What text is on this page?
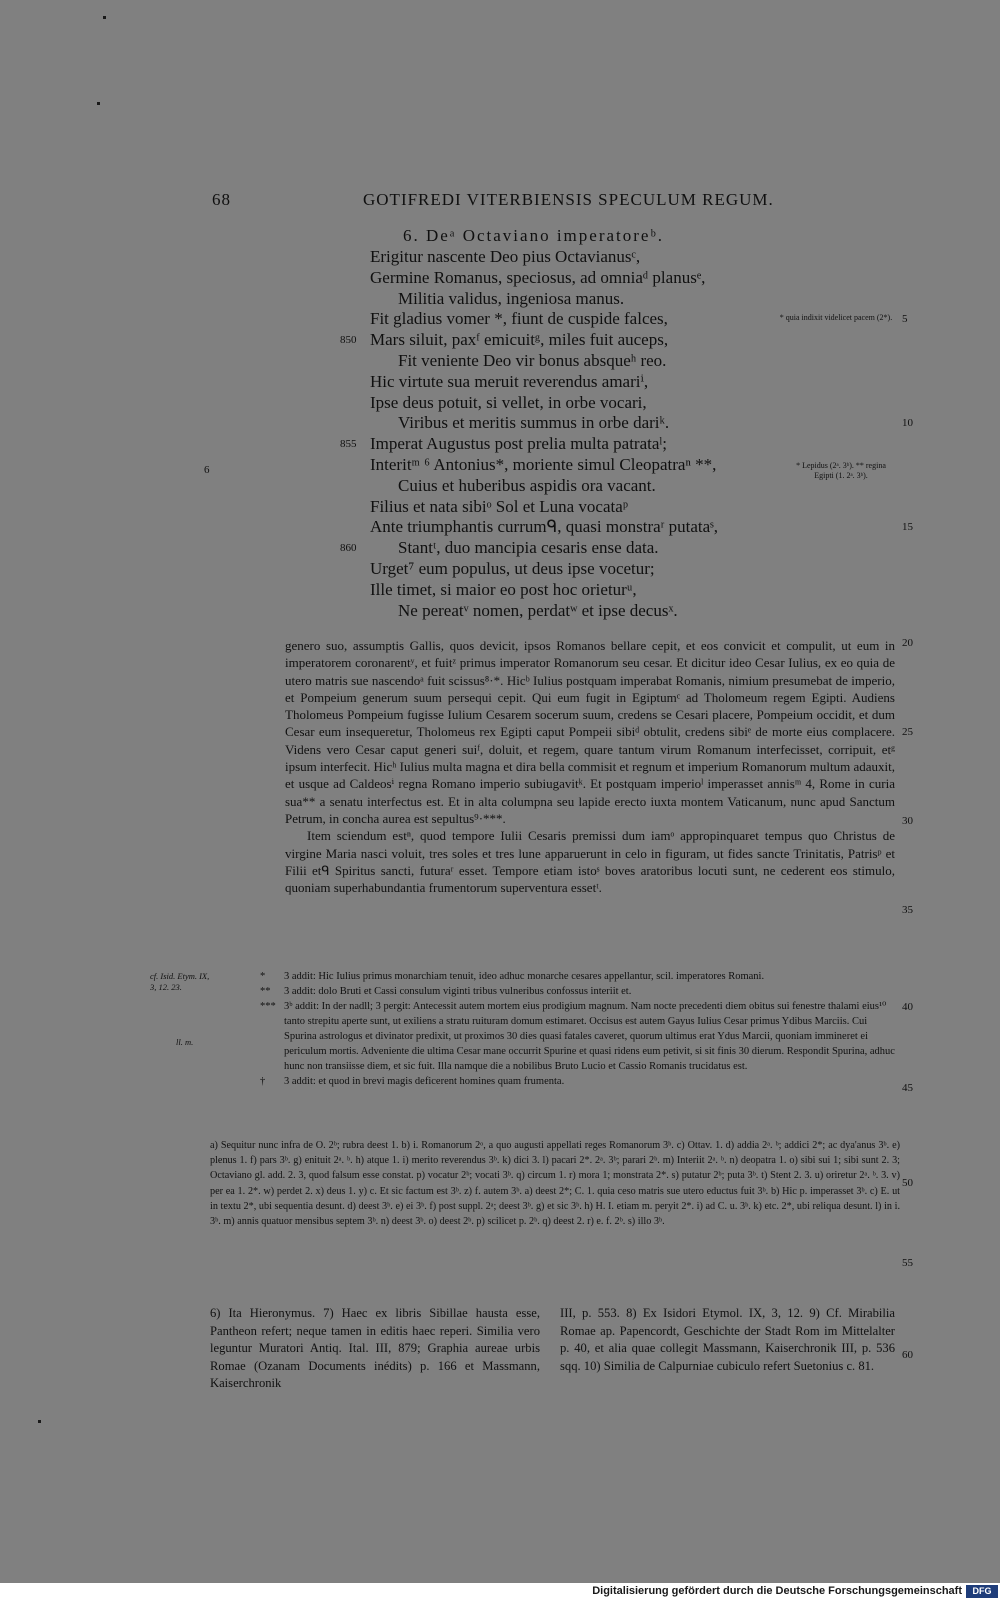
68	GOTIFREDI VITERBIENSIS SPECULUM REGUM.
6. Deᵃ Octaviano imperatoreᵇ.
Erigitur nascente Deo pius Octavianusᶜ,
Germine Romanus, speciosus, ad omniaᵈ planusᵉ,
Militia validus, ingeniosa manus.
Fit gladius vomer *, fiunt de cuspide falces,	5
850 Mars siluit, paxᶠ emicuitᵍ, miles fuit auceps,
Fit veniente Deo vir bonus absqueʰ reo.
Hic virtute sua meruit reverendus amariⁱ,
Ipse deus potuit, si vellet, in orbe vocari,
Viribus et meritis summus in orbe dariᵏ.	10
855 Imperat Augustus post prelia multa patrataˡ;
Interitᵐ ⁶ Antonius*, moriente simul Cleopatraⁿ **,
Cuius et huberibus aspidis ora vacant.
Filius et nata sibiᵒ Sol et Luna vocataᵖ
Ante triumphantis currumᑫ, quasi monstraʳ putataˢ,	15
860 Stantᵗ, duo mancipia cesaris ense data.
Urget⁷ eum populus, ut deus ipse vocetur;
Ille timet, si maior eo post hoc orieturᵘ,
Ne pereatᵛ nomen, perdatʷ et ipse decusˣ.
* quia indixit videlicet pacem (2*).
* Lepidus (2ᵃ. 3ᵇ). ** regina Egipti (1. 2ᵃ. 3ᵇ).
6

genero suo, assumptis Gallis, quos devicit, ipsos Romanos bellare cepit, et eos convicit et compulit, ut eum in imperatorem coronarentʸ, et fuitᶻ primus imperator Romanorum seu cesar. Et dicitur ideo Cesar Iulius, ex eo quia de utero matris sue nascendoᵃ fuit scissus⁸·*. Hicᵇ Iulius postquam imperabat Romanis, nimium presumebat de imperio, et Pompeium generum suum persequi cepit. Qui eum fugit in Egiptumᶜ ad Tholomeum regem Egipti. Audiens Tholomeus Pompeium fugisse Iulium Cesarem socerum suum, credens se Cesari placere, Pompeium occidit, et dum Cesar eum insequeretur, Tholomeus rex Egipti caput Pompeii sibiᵈ obtulit, credens sibiᵉ de morte eius complacere. Videns vero Cesar caput generi suiᶠ, doluit, et regem, quare tantum virum Romanum interfecisset, corripuit, etᵍ ipsum interfecit. Hicʰ Iulius multa magna et dira bella commisit et regnum et imperium Romanorum multum adauxit, et usque ad Caldeosⁱ regna Romano imperio subiugavitᵏ. Et postquam imperioˡ imperasset annisᵐ 4, Rome in curia sua** a senatu interfectus est. Et in alta columpna seu lapide erecto iuxta montem Vaticanum, nunc apud Sanctum Petrum, in concha aurea est sepultus⁹·***.

Item sciendum estⁿ, quod tempore Iulii Cesaris premissi dum iamᵒ appropinquaret tempus quo Christus de virgine Maria nasci voluit, tres soles et tres lune apparuerunt in celo in figuram, ut fides sancte Trinitatis, Patrisᵖ et Filii etᑫ Spiritus sancti, futuraʳ esset. Tempore etiam istoˢ boves aratoribus locuti sunt, ne cederent eos stimulo, quoniam superhabundantia frumentorum superventura essetᵗ.

20
25
30
35
cf. Isid. Etym. IX, 3, 12. 23.
ll. m.
* 3 addit: Hic Iulius primus monarchiam tenuit, ideo adhuc monarche cesares appellantur, scil. imperatores Romani.
** 3 addit: dolo Bruti et Cassi consulum viginti tribus vulneribus confossus interiit et.
*** 3ᵇ addit: In der nadll; 3 pergit: Antecessit autem mortem eius prodigium magnum. Nam nocte precedenti diem obitus sui fenestre thalami eius¹⁰ tanto strepitu aperte sunt, ut exiliens a stratu ruituram domum estimaret. Occisus est autem Gayus Iulius Cesar primus Ydibus Marciis. Cui Spurina astrologus et divinator predixit, ut proximos 30 dies quasi fatales caveret, quorum ultimus erat Ydus Marcii, quoniam immineret ei periculum mortis. Adveniente die ultima Cesar mane occurrit Spurine et quasi ridens eum petivit, si sit finis 30 dierum. Respondit Spurina, adhuc hunc non transiisse diem, et sic fuit. Illa namque die a nobilibus Bruto Lucio et Cassio Romanis trucidatus est.
† 3 addit: et quod in brevi magis deficerent homines quam frumenta.
40
45
a) Sequitur nunc infra de O. 2ᵇ; rubra deest 1. b) i. Romanorum 2ᵒ, a quo augusti appellati reges Romanorum 3ᵇ. c) Ottav. 1. d) addia 2ᵃ. ᵇ; addici 2*; ac dya'anus 3ᵇ. e) plenus 1. f) pars 3ᵇ. g) enituit 2ᵃ. ᵇ. h) atque 1. i) merito reverendus 3ᵇ. k) dici 3. l) pacari 2*. 2ᵃ. 3ᵇ; parari 2ᵇ. m) Interiit 2ᵃ. ᵇ. n) deopatra 1. o) sibi sui 1; sibi sunt 2. 3; Octaviano gl. add. 2. 3, quod falsum esse constat. p) vocatur 2ᵇ; vocati 3ᵇ. q) circum 1. r) mora 1; monstrata 2*. s) putatur 2ᵇ; puta 3ᵇ. t) Stent 2. 3. u) oriretur 2ᵃ. ᵇ. 3. v) per ea 1. 2*. w) perdet 2. x) deus 1. y) c. Et sic factum est 3ᵇ. z) f. autem 3ᵇ. a) deest 2*; C. 1. quia ceso matris sue utero eductus fuit 3ᵇ. b) Hic p. imperasset 3ᵇ. c) E. ut in textu 2*, ubi sequentia desunt. d) deest 3ᵇ. e) ei 3ᵇ. f) post suppl. 2ᵃ; deest 3ᵇ. g) et sic 3ᵇ. h) H. I. etiam m. peryit 2*. i) ad C. u. 3ᵇ. k) etc. 2*, ubi reliqua desunt. l) in i. 3ᵇ. m) annis quatuor mensibus septem 3ᵇ. n) deest 3ᵇ. o) deest 2ᵇ. p) scilicet p. 2ᵇ. q) deest 2. r) e. f. 2ᵇ. s) illo 3ᵇ.
50
55
6) Ita Hieronymus. 7) Haec ex libris Sibillae hausta esse, Pantheon refert; neque tamen in editis haec reperi. Similia vero leguntur Muratori Antiq. Ital. III, 879; Graphia aureae urbis Romae (Ozanam Documents inédits) p. 166 et Massmann, Kaiserchronik
III, p. 553. 8) Ex Isidori Etymol. IX, 3, 12. 9) Cf. Mirabilia Romae ap. Papencordt, Geschichte der Stadt Rom im Mittelalter p. 40, et alia quae collegit Massmann, Kaiserchronik III, p. 536 sqq. 10) Similia de Calpurniae cubiculo refert Suetonius c. 81.
60
Digitalisierung gefördert durch die Deutsche Forschungsgemeinschaft	DFG
